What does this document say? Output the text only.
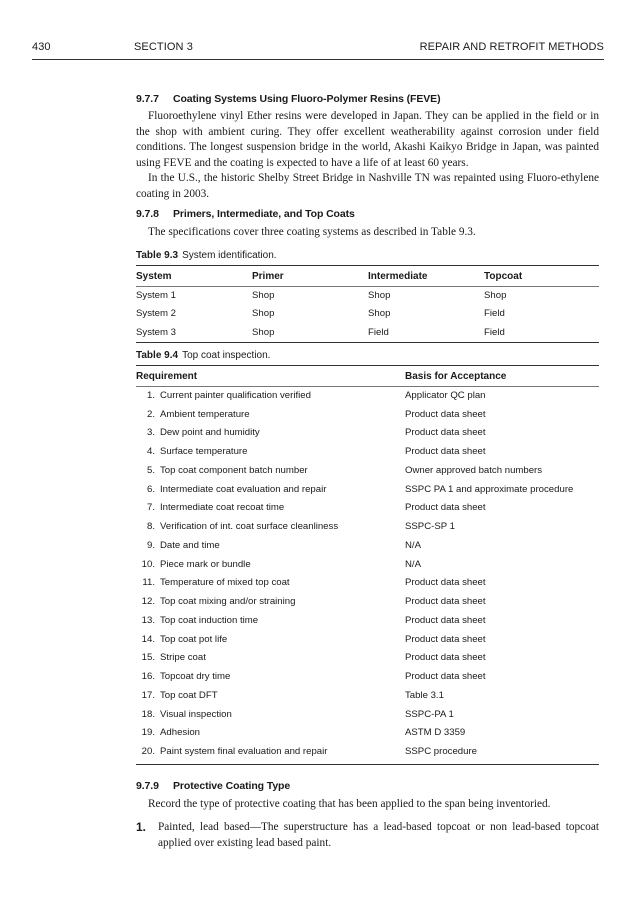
430	SECTION 3	REPAIR AND RETROFIT METHODS
9.7.7 Coating Systems Using Fluoro-Polymer Resins (FEVE)

Fluoroethylene vinyl Ether resins were developed in Japan. They can be applied in the field or in the shop with ambient curing. They offer excellent weatherability against corrosion under field conditions. The longest suspension bridge in the world, Akashi Kaikyo Bridge in Japan, was painted using FEVE and the coating is expected to have a life of at least 60 years.

In the U.S., the historic Shelby Street Bridge in Nashville TN was repainted using Fluoro-ethylene coating in 2003.

9.7.8 Primers, Intermediate, and Top Coats

The specifications cover three coating systems as described in Table 9.3.

Table 9.3 System identification.
System	Primer	Intermediate	Topcoat
System 1	Shop	Shop	Shop
System 2	Shop	Shop	Field
System 3	Shop	Field	Field
Table 9.4 Top coat inspection.
Requirement	Basis for Acceptance
1. Current painter qualification verified	Applicator QC plan
2. Ambient temperature	Product data sheet
3. Dew point and humidity	Product data sheet
4. Surface temperature	Product data sheet
5. Top coat component batch number	Owner approved batch numbers
6. Intermediate coat evaluation and repair	SSPC PA 1 and approximate procedure
7. Intermediate coat recoat time	Product data sheet
8. Verification of int. coat surface cleanliness	SSPC-SP 1
9. Date and time	N/A
10. Piece mark or bundle	N/A
11. Temperature of mixed top coat	Product data sheet
12. Top coat mixing and/or straining	Product data sheet
13. Top coat induction time	Product data sheet
14. Top coat pot life	Product data sheet
15. Stripe coat	Product data sheet
16. Topcoat dry time	Product data sheet
17. Top coat DFT	Table 3.1
18. Visual inspection	SSPC-PA 1
19. Adhesion	ASTM D 3359
20. Paint system final evaluation and repair	SSPC procedure
9.7.9 Protective Coating Type

Record the type of protective coating that has been applied to the span being inventoried.

1. Painted, lead based—The superstructure has a lead-based topcoat or non lead-based topcoat applied over existing lead based paint.
